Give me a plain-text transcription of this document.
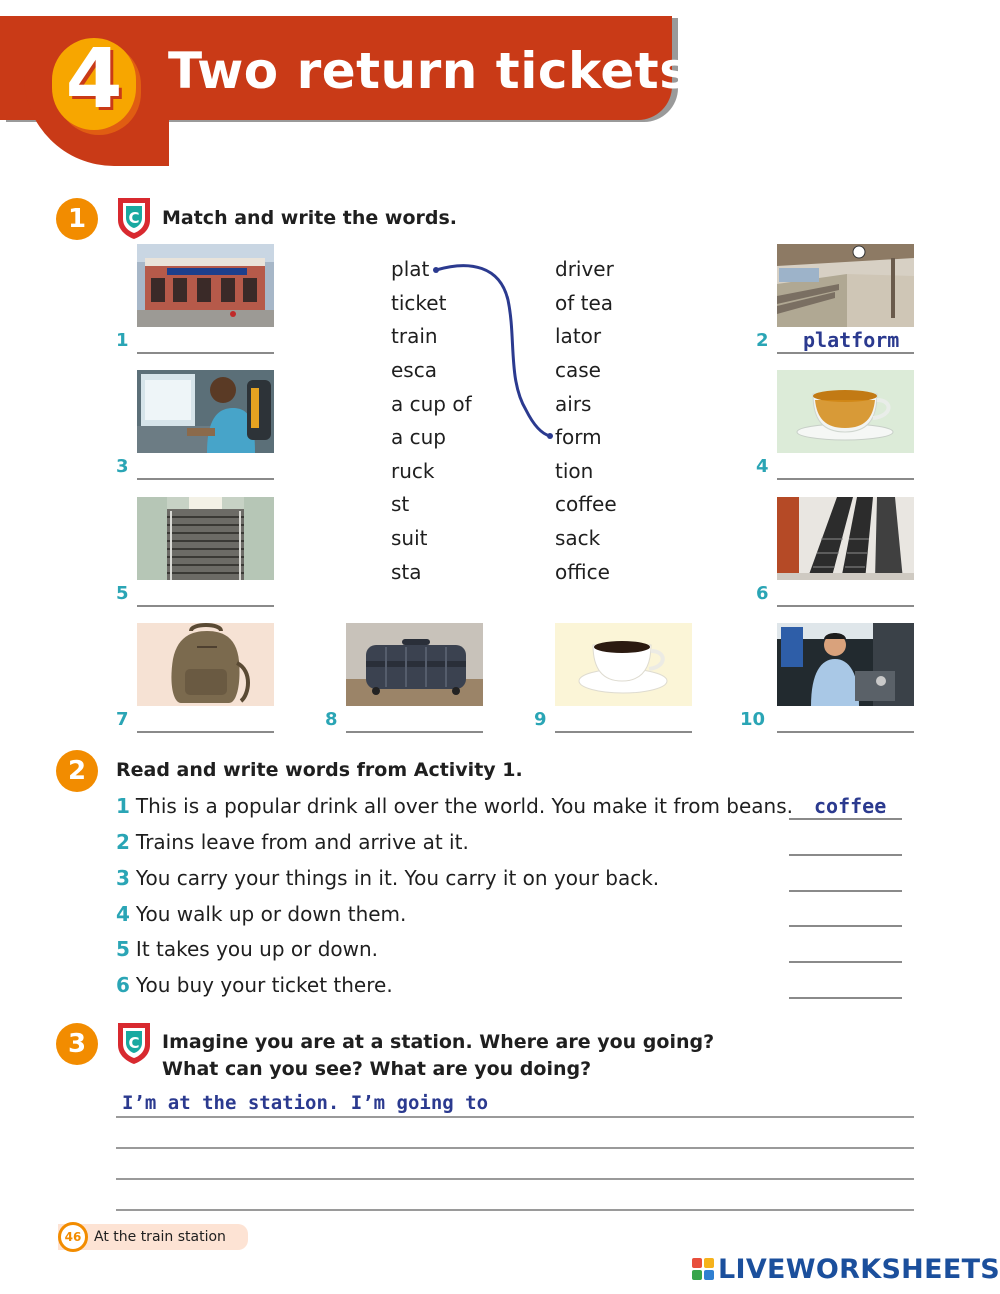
4 Two return tickets
1	C Match and write the words.
1	2 platform
3	4
5	6
7	8	9	10
plat
ticket
train
esca
a cup of
a cup
ruck
st
suit
sta
driver
of tea
lator
case
airs
form
tion
coffee
sack
office
2	Read and write words from Activity 1.
1 This is a popular drink all over the world. You make it from beans. coffee
2 Trains leave from and arrive at it.
3 You carry your things in it. You carry it on your back.
4 You walk up or down them.
5 It takes you up or down.
6 You buy your ticket there.
3	C Imagine you are at a station. Where are you going?
What can you see? What are you doing?
I’m at the station. I’m going to
46 At the train station
LIVEWORKSHEETS
